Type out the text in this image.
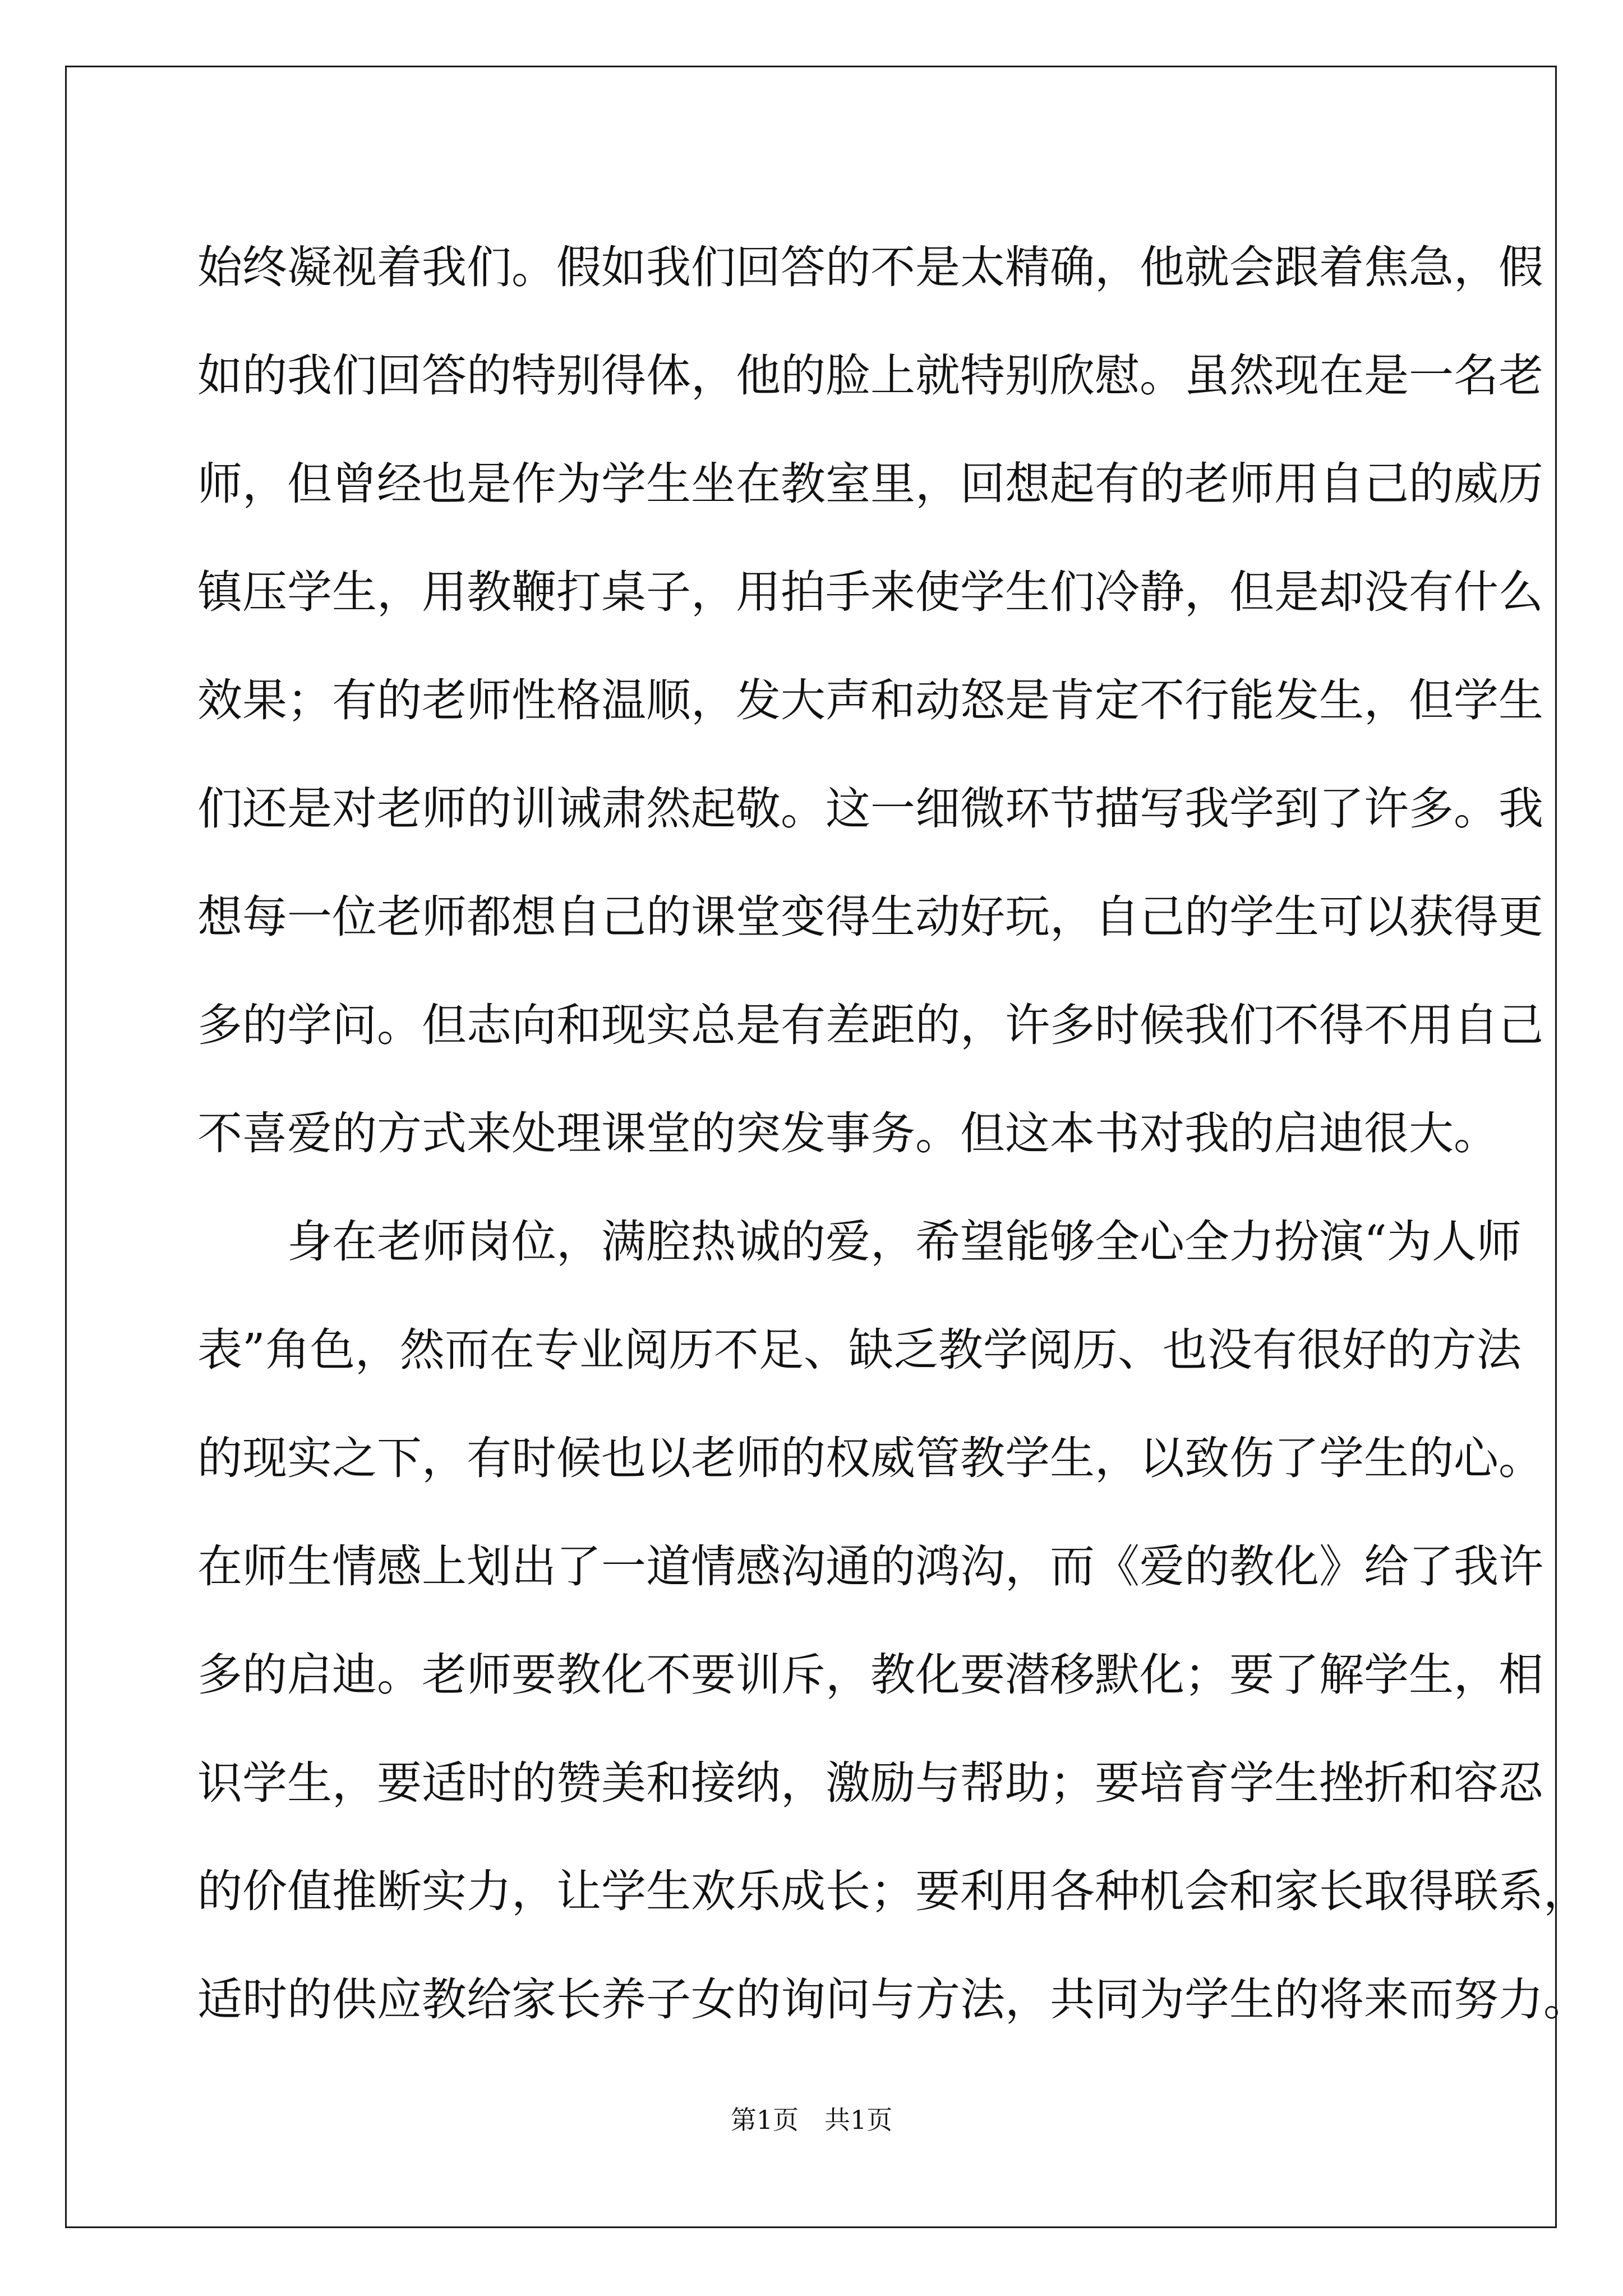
始终凝视着我们。假如我们回答的不是太精确，他就会跟着焦急，假
如的我们回答的特别得体，他的脸上就特别欣慰。虽然现在是一名老
师，但曾经也是作为学生坐在教室里，回想起有的老师用自己的威历
镇压学生，用教鞭打桌子，用拍手来使学生们冷静，但是却没有什么
效果；有的老师性格温顺，发大声和动怒是肯定不行能发生，但学生
们还是对老师的训诫肃然起敬。这一细微环节描写我学到了许多。我
想每一位老师都想自己的课堂变得生动好玩，自己的学生可以获得更
多的学问。但志向和现实总是有差距的，许多时候我们不得不用自己
不喜爱的方式来处理课堂的突发事务。但这本书对我的启迪很大。
身在老师岗位，满腔热诚的爱，希望能够全心全力扮演“为人师
表”角色，然而在专业阅历不足、缺乏教学阅历、也没有很好的方法
的现实之下，有时候也以老师的权威管教学生，以致伤了学生的心。
在师生情感上划出了一道情感沟通的鸿沟，而《爱的教化》给了我许
多的启迪。老师要教化不要训斥，教化要潜移默化；要了解学生，相
识学生，要适时的赞美和接纳，激励与帮助；要培育学生挫折和容忍
的价值推断实力，让学生欢乐成长；要利用各种机会和家长取得联系，
适时的供应教给家长养子女的询问与方法，共同为学生的将来而努力。
第1页 共1页
